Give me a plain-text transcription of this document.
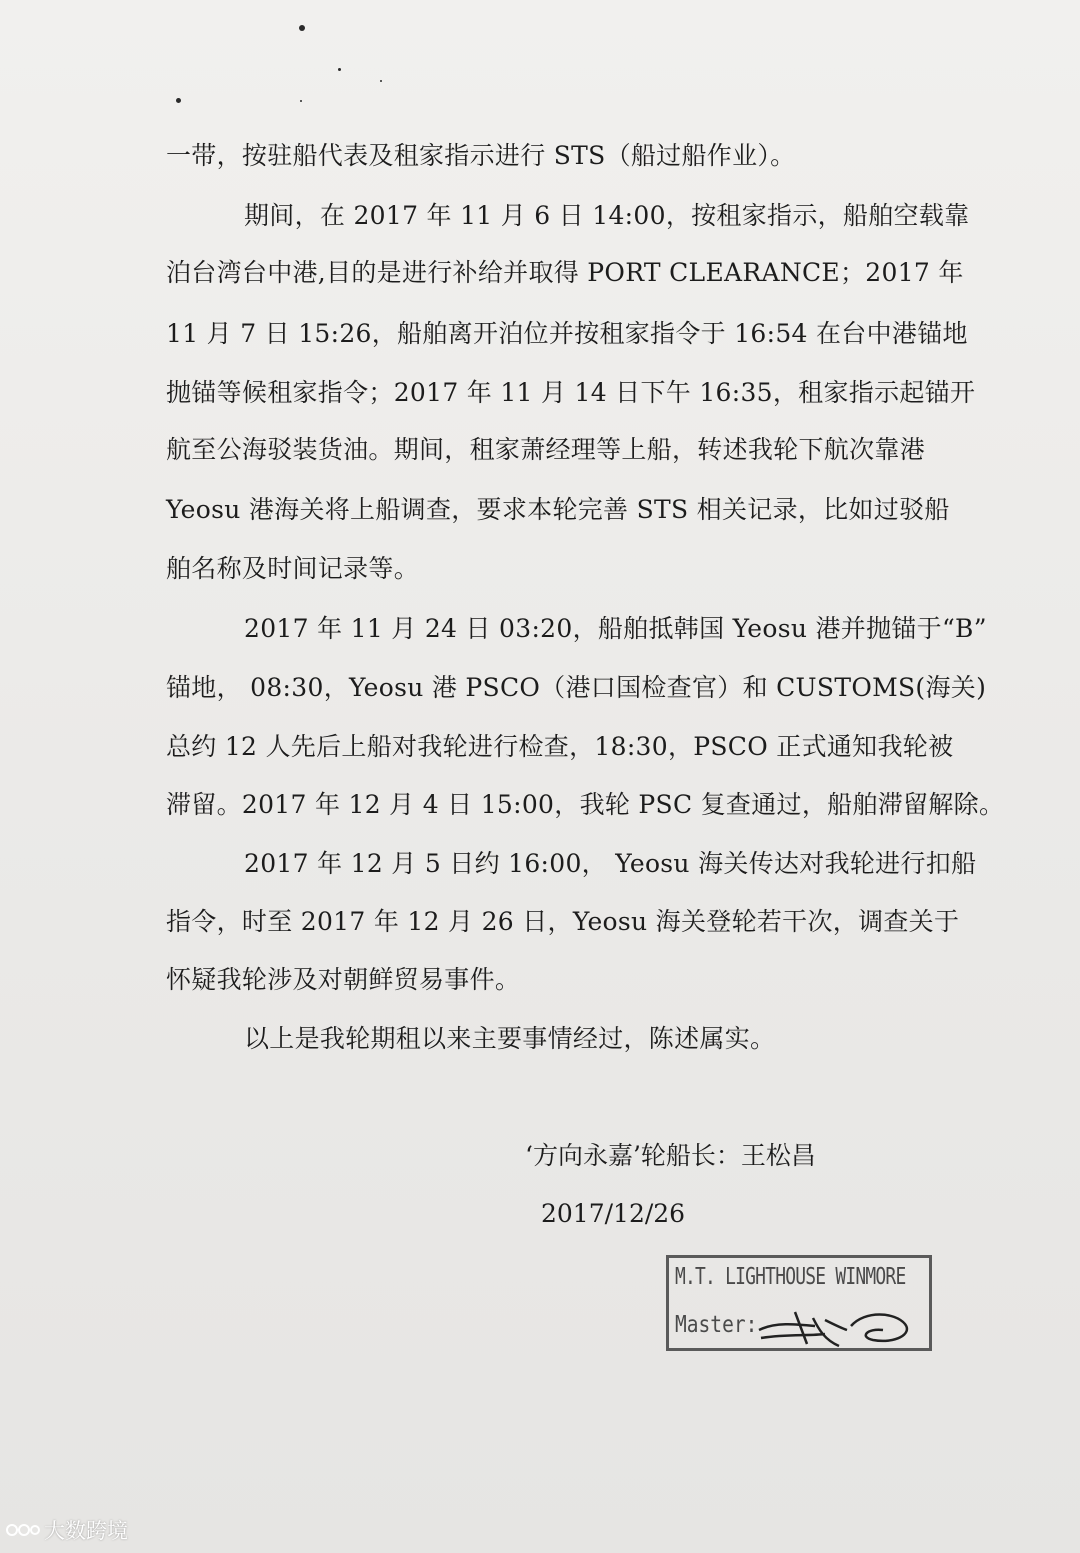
一带，按驻船代表及租家指示进行 STS（船过船作业）。
期间，在 2017 年 11 月 6 日 14:00，按租家指示，船舶空载靠
泊台湾台中港,目的是进行补给并取得 PORT CLEARANCE；2017 年
11 月 7 日 15:26，船舶离开泊位并按租家指令于 16:54 在台中港锚地
抛锚等候租家指令；2017 年 11 月 14 日下午 16:35，租家指示起锚开
航至公海驳装货油。期间，租家萧经理等上船，转述我轮下航次靠港
Yeosu 港海关将上船调查，要求本轮完善 STS 相关记录，比如过驳船
舶名称及时间记录等。
2017 年 11 月 24 日 03:20，船舶抵韩国 Yeosu 港并抛锚于“B”
锚地， 08:30，Yeosu 港 PSCO（港口国检查官）和 CUSTOMS(海关)
总约 12 人先后上船对我轮进行检查，18:30，PSCO 正式通知我轮被
滞留。2017 年 12 月 4 日 15:00，我轮 PSC 复查通过，船舶滞留解除。
2017 年 12 月 5 日约 16:00， Yeosu 海关传达对我轮进行扣船
指令，时至 2017 年 12 月 26 日，Yeosu 海关登轮若干次，调查关于
怀疑我轮涉及对朝鲜贸易事件。
以上是我轮期租以来主要事情经过，陈述属实。
‘方向永嘉’轮船长：王松昌
2017/12/26
M.T. LIGHTHOUSE WINMORE
Master:
大数跨境
